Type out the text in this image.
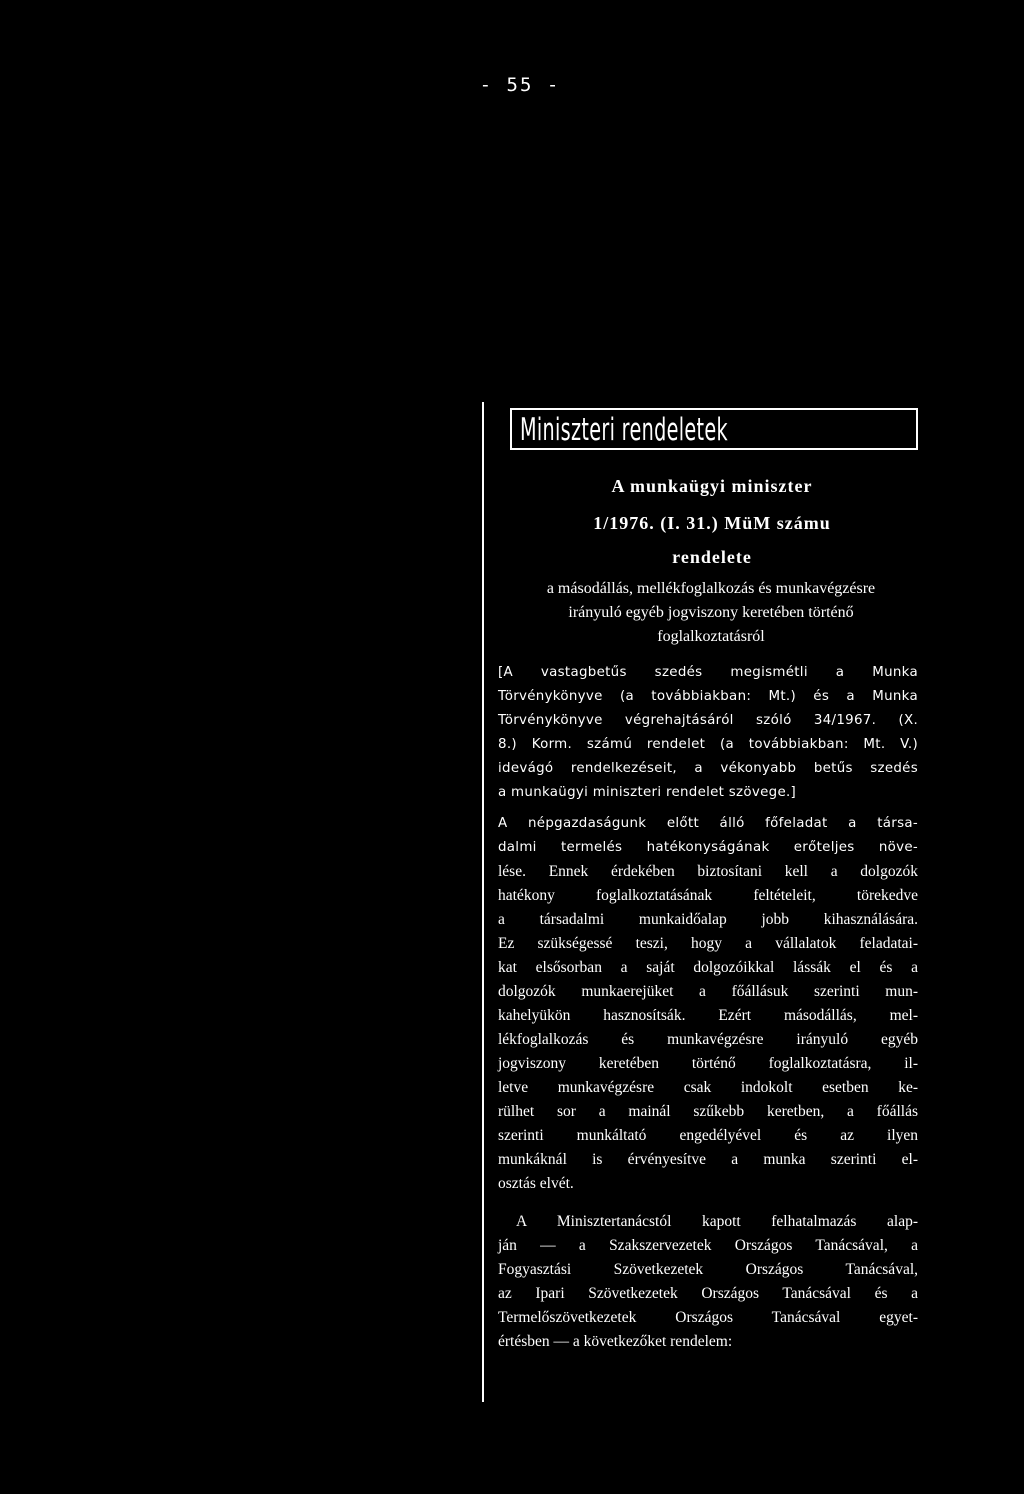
- 55 -
Miniszteri rendeletek
A munkaügyi miniszter
1/1976. (I. 31.) MüM számu
rendelete
a másodállás, mellékfoglalkozás és munkavégzésre
irányuló egyéb jogviszony keretében történő
foglalkoztatásról
[A vastagbetűs szedés megismétli a Munka
Törvénykönyve (a továbbiakban: Mt.) és a Munka
Törvénykönyve végrehajtásáról szóló 34/1967. (X.
8.) Korm. számú rendelet (a továbbiakban: Mt. V.)
idevágó rendelkezéseit, a vékonyabb betűs szedés
a munkaügyi miniszteri rendelet szövege.]
A népgazdaságunk előtt álló főfeladat a társa-
dalmi termelés hatékonyságának erőteljes növe-
lése. Ennek érdekében biztosítani kell a dolgozók
hatékony foglalkoztatásának feltételeit, törekedve
a társadalmi munkaidőalap jobb kihasználására.
Ez szükségessé teszi, hogy a vállalatok feladatai-
kat elsősorban a saját dolgozóikkal lássák el és a
dolgozók munkaerejüket a főállásuk szerinti mun-
kahelyükön hasznosítsák. Ezért másodállás, mel-
lékfoglalkozás és munkavégzésre irányuló egyéb
jogviszony keretében történő foglalkoztatásra, il-
letve munkavégzésre csak indokolt esetben ke-
rülhet sor a mainál szűkebb keretben, a főállás
szerinti munkáltató engedélyével és az ilyen
munkáknál is érvényesítve a munka szerinti el-
osztás elvét.
A Minisztertanácstól kapott felhatalmazás alap-
ján — a Szakszervezetek Országos Tanácsával, a
Fogyasztási Szövetkezetek Országos Tanácsával,
az Ipari Szövetkezetek Országos Tanácsával és a
Termelőszövetkezetek Országos Tanácsával egyet-
értésben — a következőket rendelem:
